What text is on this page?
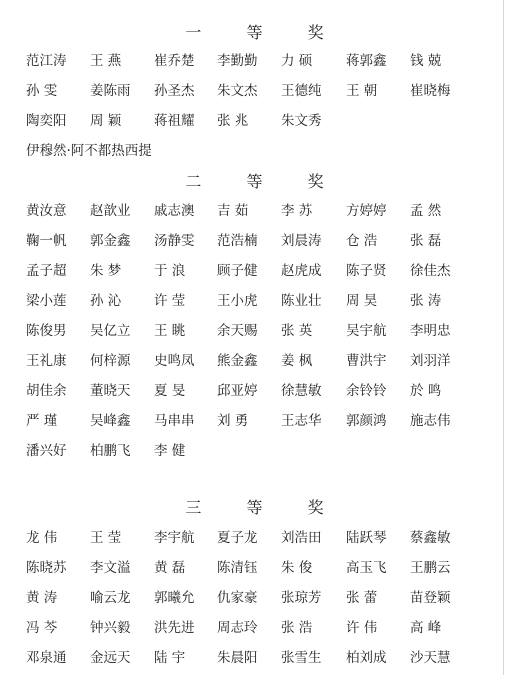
一 等 奖
范江涛	王 燕	崔乔楚	李勤勤	力 硕	蒋郭鑫	钱 兢
孙 雯	姜陈雨	孙圣杰	朱文杰	王德纯	王 朝	崔晓梅
陶奕阳	周 颖	蒋祖耀	张 兆	朱文秀
伊穆然·阿不都热西提
二 等 奖
黄汝意	赵歆业	戚志澳	吉 茹	李 苏	方婷婷	孟 然
鞠一帆	郭金鑫	汤静雯	范浩楠	刘晨涛	仓 浩	张 磊
孟子超	朱 梦	于 浪	顾子健	赵虎成	陈子贤	徐佳杰
梁小莲	孙 沁	许 莹	王小虎	陈业壮	周 昊	张 涛
陈俊男	吴亿立	王 眺	余天赐	张 英	吴宇航	李明忠
王礼康	何梓源	史鸣凤	熊金鑫	姜 枫	曹洪宇	刘羽洋
胡佳余	董晓天	夏 旻	邱亚婷	徐慧敏	余铃铃	於 鸣
严 瑾	吴峰鑫	马串串	刘 勇	王志华	郭颜鸿	施志伟
潘兴好	柏鹏飞	李 健
三 等 奖
龙 伟	王 莹	李宇航	夏子龙	刘浩田	陆跃琴	蔡鑫敏
陈晓苏	李文溢	黄 磊	陈清钰	朱 俊	高玉飞	王鹏云
黄 涛	喻云龙	郭曦允	仇家豪	张琼芳	张 蕾	苗登颖
冯 芩	钟兴毅	洪先进	周志玲	张 浩	许 伟	高 峰
邓泉通	金远天	陆 宇	朱晨阳	张雪生	柏刘成	沙天慧
